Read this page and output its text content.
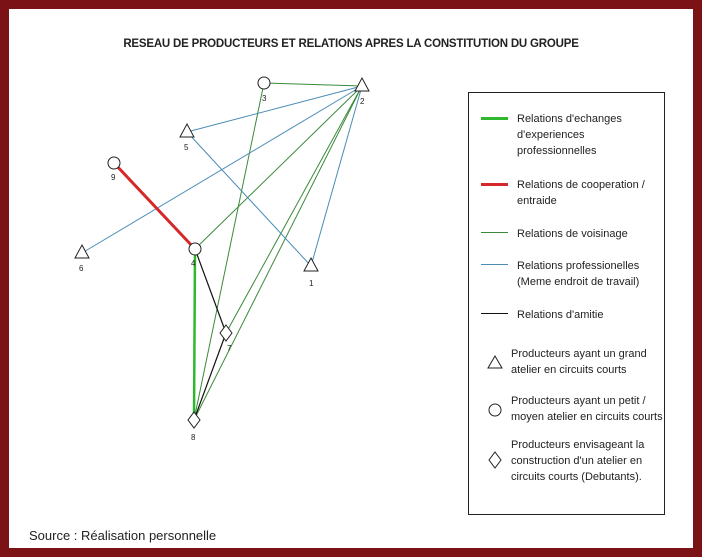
RESEAU DE PRODUCTEURS ET RELATIONS APRES LA CONSTITUTION DU GROUPE
1
2
3
4
5
6
7
8
9
Relations d'echanges d'experiences professionnelles
Relations de cooperation / entraide
Relations de voisinage
Relations professionelles (Meme endroit de travail)
Relations d'amitie
Producteurs ayant un grand atelier en circuits courts
Producteurs ayant un petit / moyen atelier en circuits courts
Producteurs envisageant la construction d'un atelier en circuits courts (Debutants).
Source : Réalisation personnelle
